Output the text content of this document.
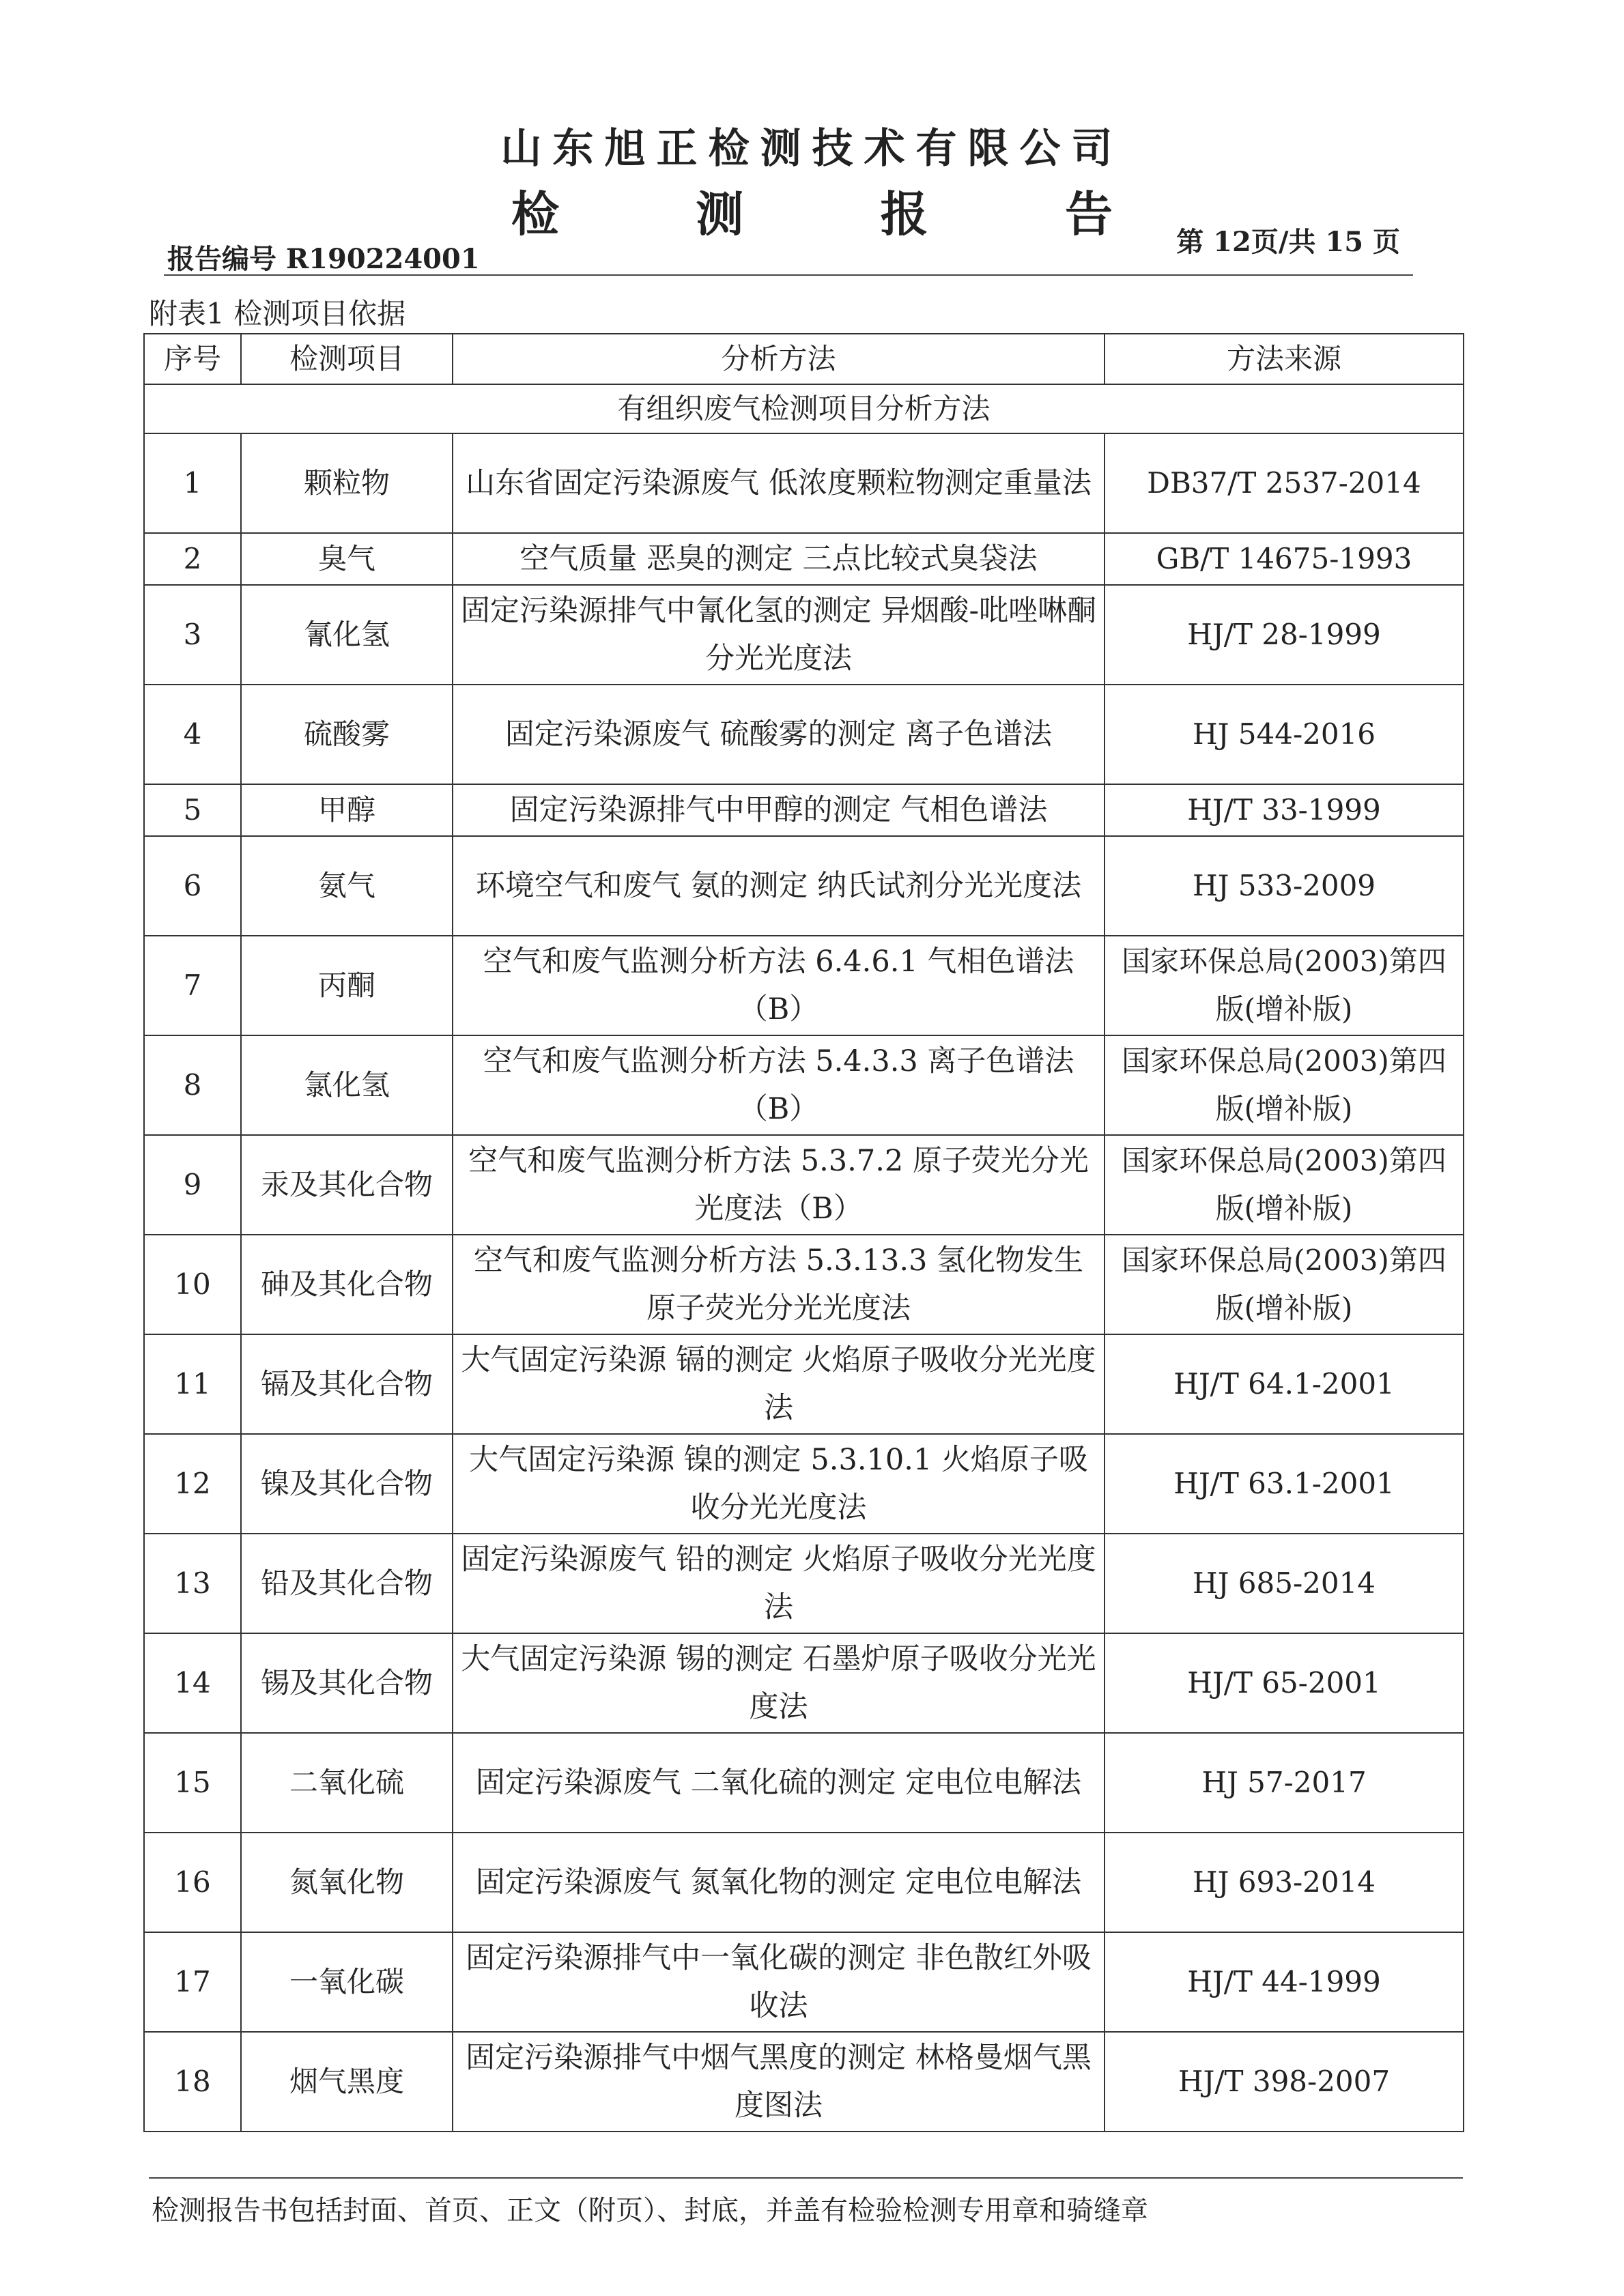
山东旭正检测技术有限公司
检 测 报 告
报告编号 R190224001
第 12页/共 15 页
附表1 检测项目依据
序号	检测项目	分析方法	方法来源
有组织废气检测项目分析方法			
1	颗粒物	山东省固定污染源废气 低浓度颗粒物测定重量法	DB37/T 2537-2014
2	臭气	空气质量 恶臭的测定 三点比较式臭袋法	GB/T 14675-1993
3	氰化氢	固定污染源排气中氰化氢的测定 异烟酸-吡唑啉酮分光光度法	HJ/T 28-1999
4	硫酸雾	固定污染源废气 硫酸雾的测定 离子色谱法	HJ 544-2016
5	甲醇	固定污染源排气中甲醇的测定 气相色谱法	HJ/T 33-1999
6	氨气	环境空气和废气 氨的测定 纳氏试剂分光光度法	HJ 533-2009
7	丙酮	空气和废气监测分析方法 6.4.6.1 气相色谱法（B）	国家环保总局(2003)第四版(增补版)
8	氯化氢	空气和废气监测分析方法 5.4.3.3 离子色谱法（B）	国家环保总局(2003)第四版(增补版)
9	汞及其化合物	空气和废气监测分析方法 5.3.7.2 原子荧光分光光度法（B）	国家环保总局(2003)第四版(增补版)
10	砷及其化合物	空气和废气监测分析方法 5.3.13.3 氢化物发生 原子荧光分光光度法	国家环保总局(2003)第四版(增补版)
11	镉及其化合物	大气固定污染源 镉的测定 火焰原子吸收分光光度法	HJ/T 64.1-2001
12	镍及其化合物	大气固定污染源 镍的测定 5.3.10.1 火焰原子吸收分光光度法	HJ/T 63.1-2001
13	铅及其化合物	固定污染源废气 铅的测定 火焰原子吸收分光光度法	HJ 685-2014
14	锡及其化合物	大气固定污染源 锡的测定 石墨炉原子吸收分光光度法	HJ/T 65-2001
15	二氧化硫	固定污染源废气 二氧化硫的测定 定电位电解法	HJ 57-2017
16	氮氧化物	固定污染源废气 氮氧化物的测定 定电位电解法	HJ 693-2014
17	一氧化碳	固定污染源排气中一氧化碳的测定 非色散红外吸收法	HJ/T 44-1999
18	烟气黑度	固定污染源排气中烟气黑度的测定 林格曼烟气黑度图法	HJ/T 398-2007
检测报告书包括封面、首页、正文（附页）、封底，并盖有检验检测专用章和骑缝章
